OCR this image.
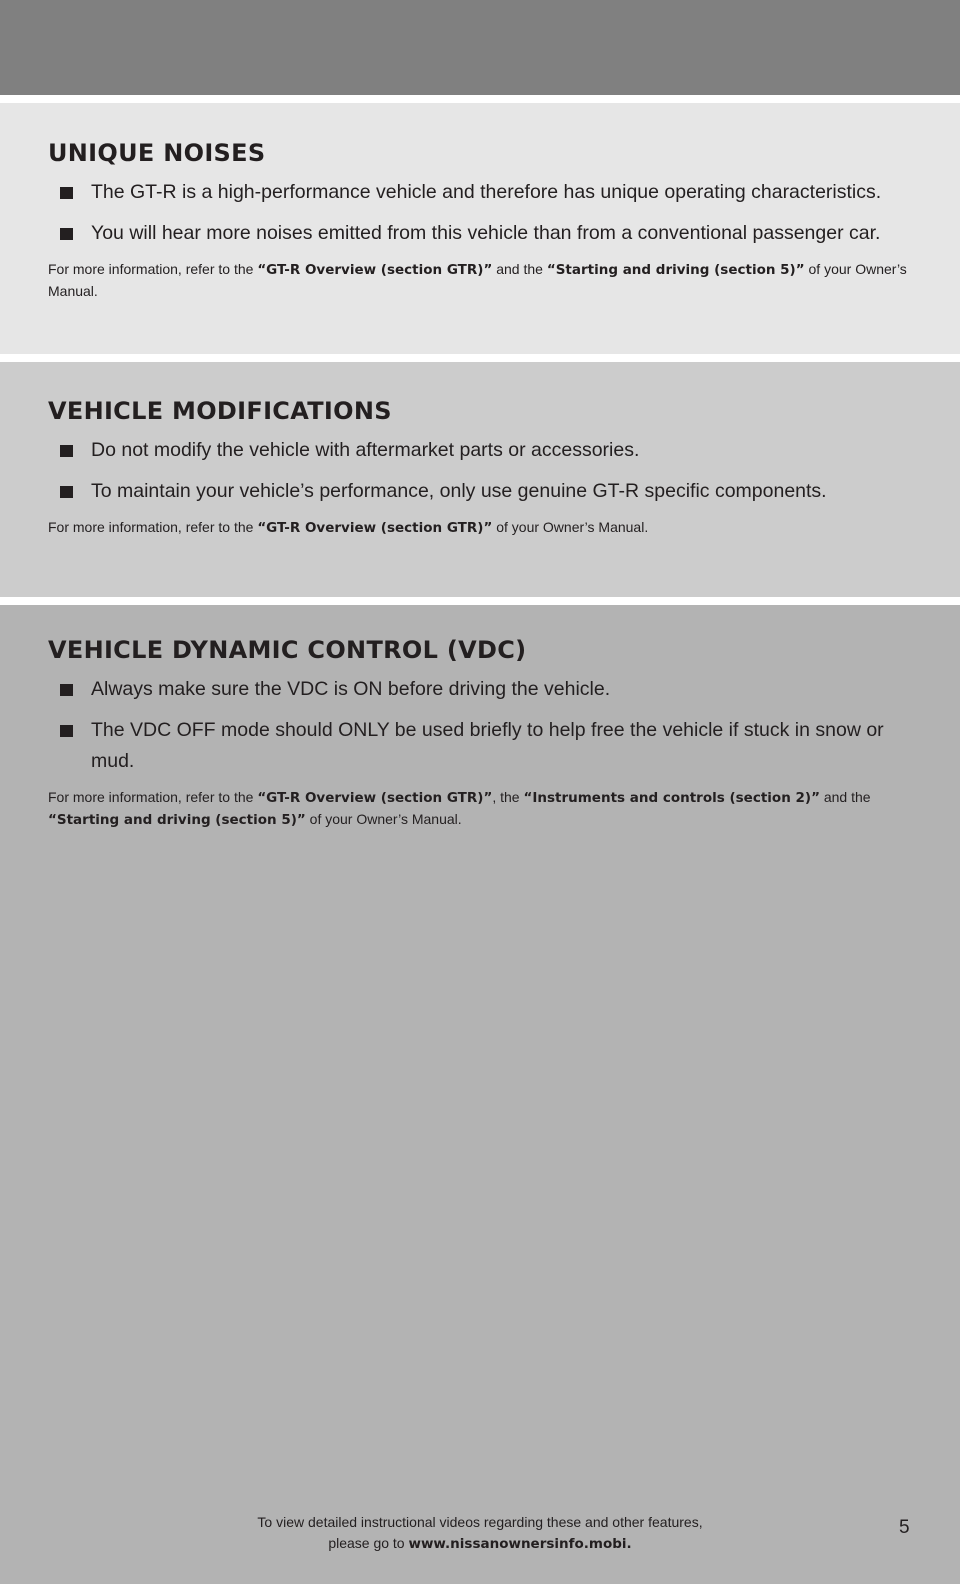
UNIQUE NOISES
The GT-R is a high-performance vehicle and therefore has unique operating characteristics.
You will hear more noises emitted from this vehicle than from a conventional passenger car.

For more information, refer to the “GT-R Overview (section GTR)” and the “Starting and driving (section 5)” of your Owner’s Manual.

VEHICLE MODIFICATIONS
Do not modify the vehicle with aftermarket parts or accessories.
To maintain your vehicle’s performance, only use genuine GT-R specific components.

For more information, refer to the “GT-R Overview (section GTR)” of your Owner’s Manual.

VEHICLE DYNAMIC CONTROL (VDC)
Always make sure the VDC is ON before driving the vehicle.
The VDC OFF mode should ONLY be used briefly to help free the vehicle if stuck in snow or mud.

For more information, refer to the “GT-R Overview (section GTR)”, the “Instruments and controls (section 2)” and the
“Starting and driving (section 5)” of your Owner’s Manual.

To view detailed instructional videos regarding these and other features,
please go to www.nissanownersinfo.mobi.
5
